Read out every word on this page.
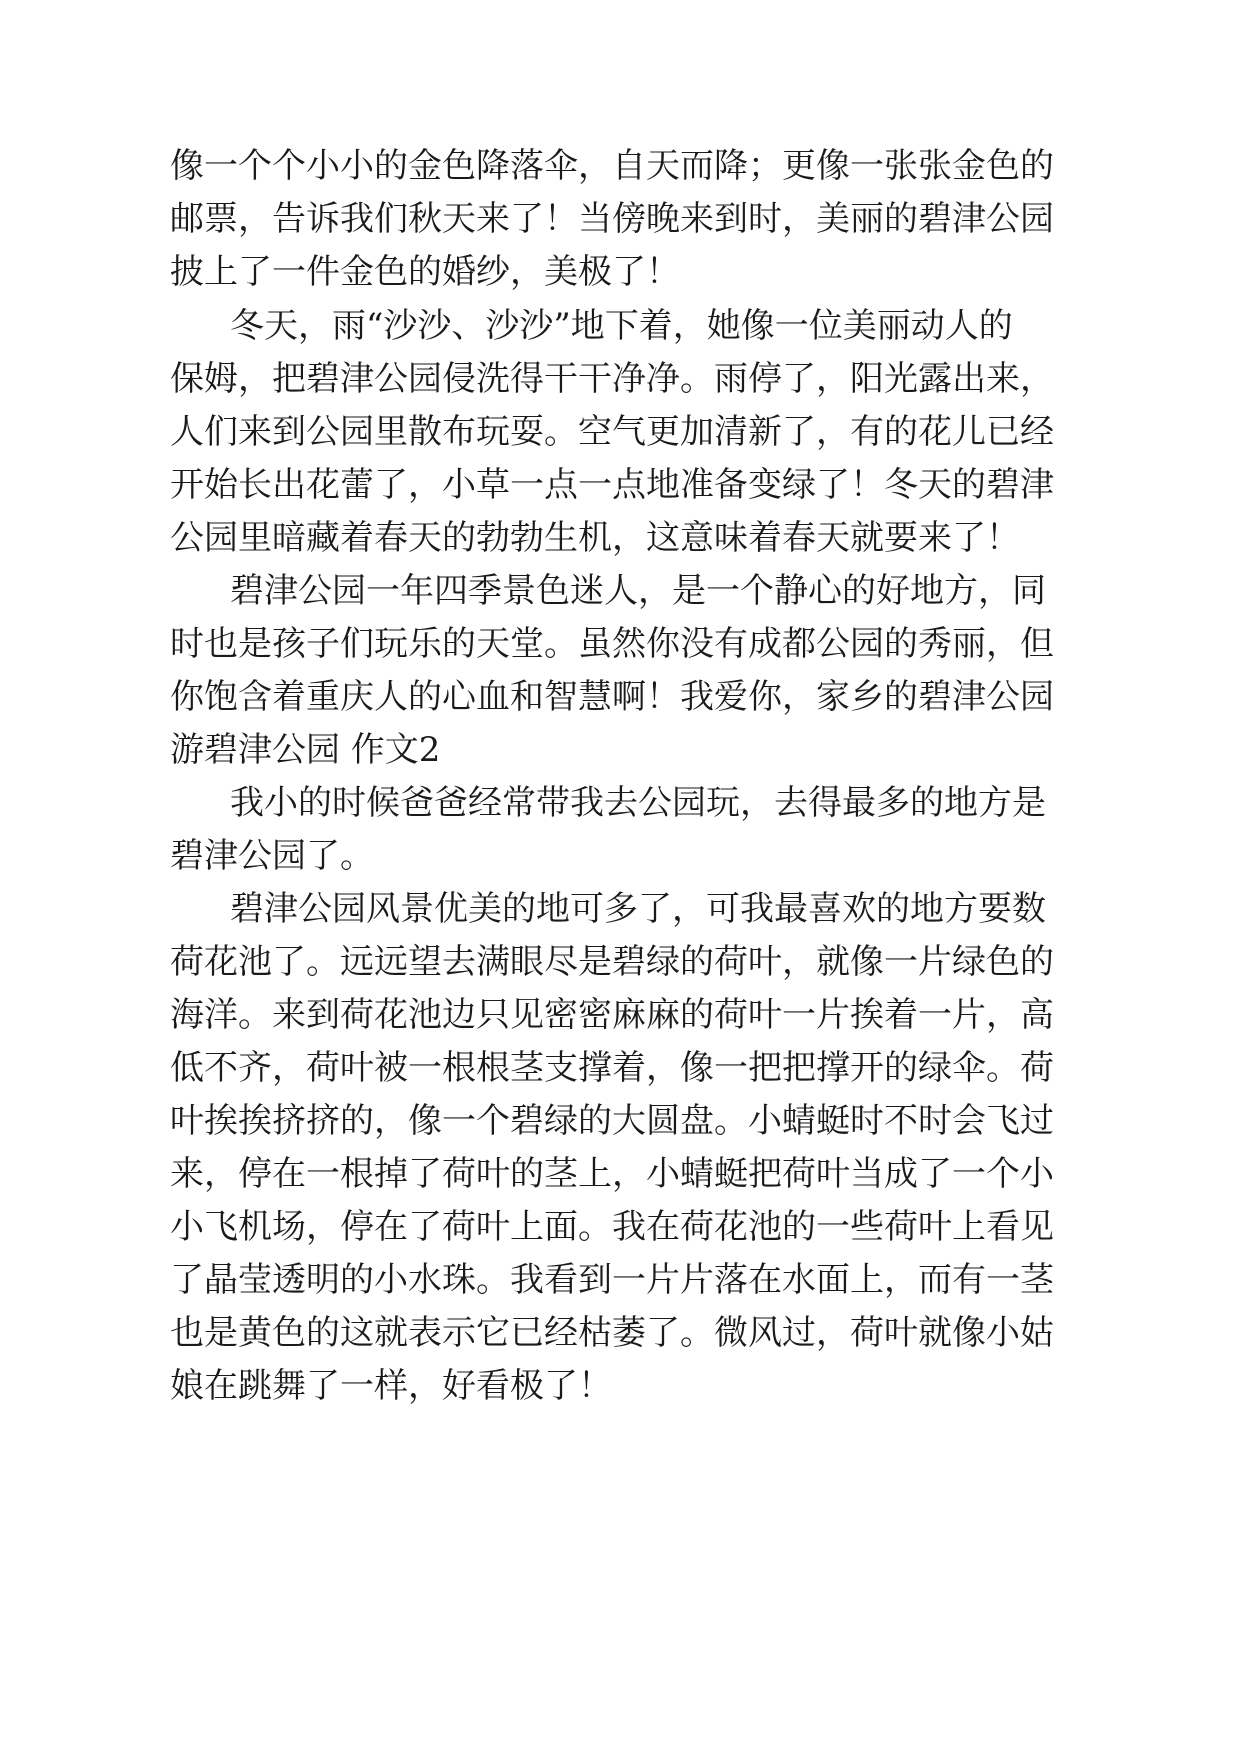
像一个个小小的金色降落伞，自天而降；更像一张张金色的
邮票，告诉我们秋天来了！当傍晚来到时，美丽的碧津公园
披上了一件金色的婚纱，美极了！
冬天，雨“沙沙、沙沙”地下着，她像一位美丽动人的
保姆，把碧津公园侵洗得干干净净。雨停了，阳光露出来，
人们来到公园里散布玩耍。空气更加清新了，有的花儿已经
开始长出花蕾了，小草一点一点地准备变绿了！冬天的碧津
公园里暗藏着春天的勃勃生机，这意味着春天就要来了！
碧津公园一年四季景色迷人，是一个静心的好地方，同
时也是孩子们玩乐的天堂。虽然你没有成都公园的秀丽，但
你饱含着重庆人的心血和智慧啊！我爱你，家乡的碧津公园
游碧津公园 作文2
我小的时候爸爸经常带我去公园玩，去得最多的地方是
碧津公园了。
碧津公园风景优美的地可多了，可我最喜欢的地方要数
荷花池了。远远望去满眼尽是碧绿的荷叶，就像一片绿色的
海洋。来到荷花池边只见密密麻麻的荷叶一片挨着一片，高
低不齐，荷叶被一根根茎支撑着，像一把把撑开的绿伞。荷
叶挨挨挤挤的，像一个碧绿的大圆盘。小蜻蜓时不时会飞过
来，停在一根掉了荷叶的茎上，小蜻蜓把荷叶当成了一个小
小飞机场，停在了荷叶上面。我在荷花池的一些荷叶上看见
了晶莹透明的小水珠。我看到一片片落在水面上，而有一茎
也是黄色的这就表示它已经枯萎了。微风过，荷叶就像小姑
娘在跳舞了一样，好看极了！
